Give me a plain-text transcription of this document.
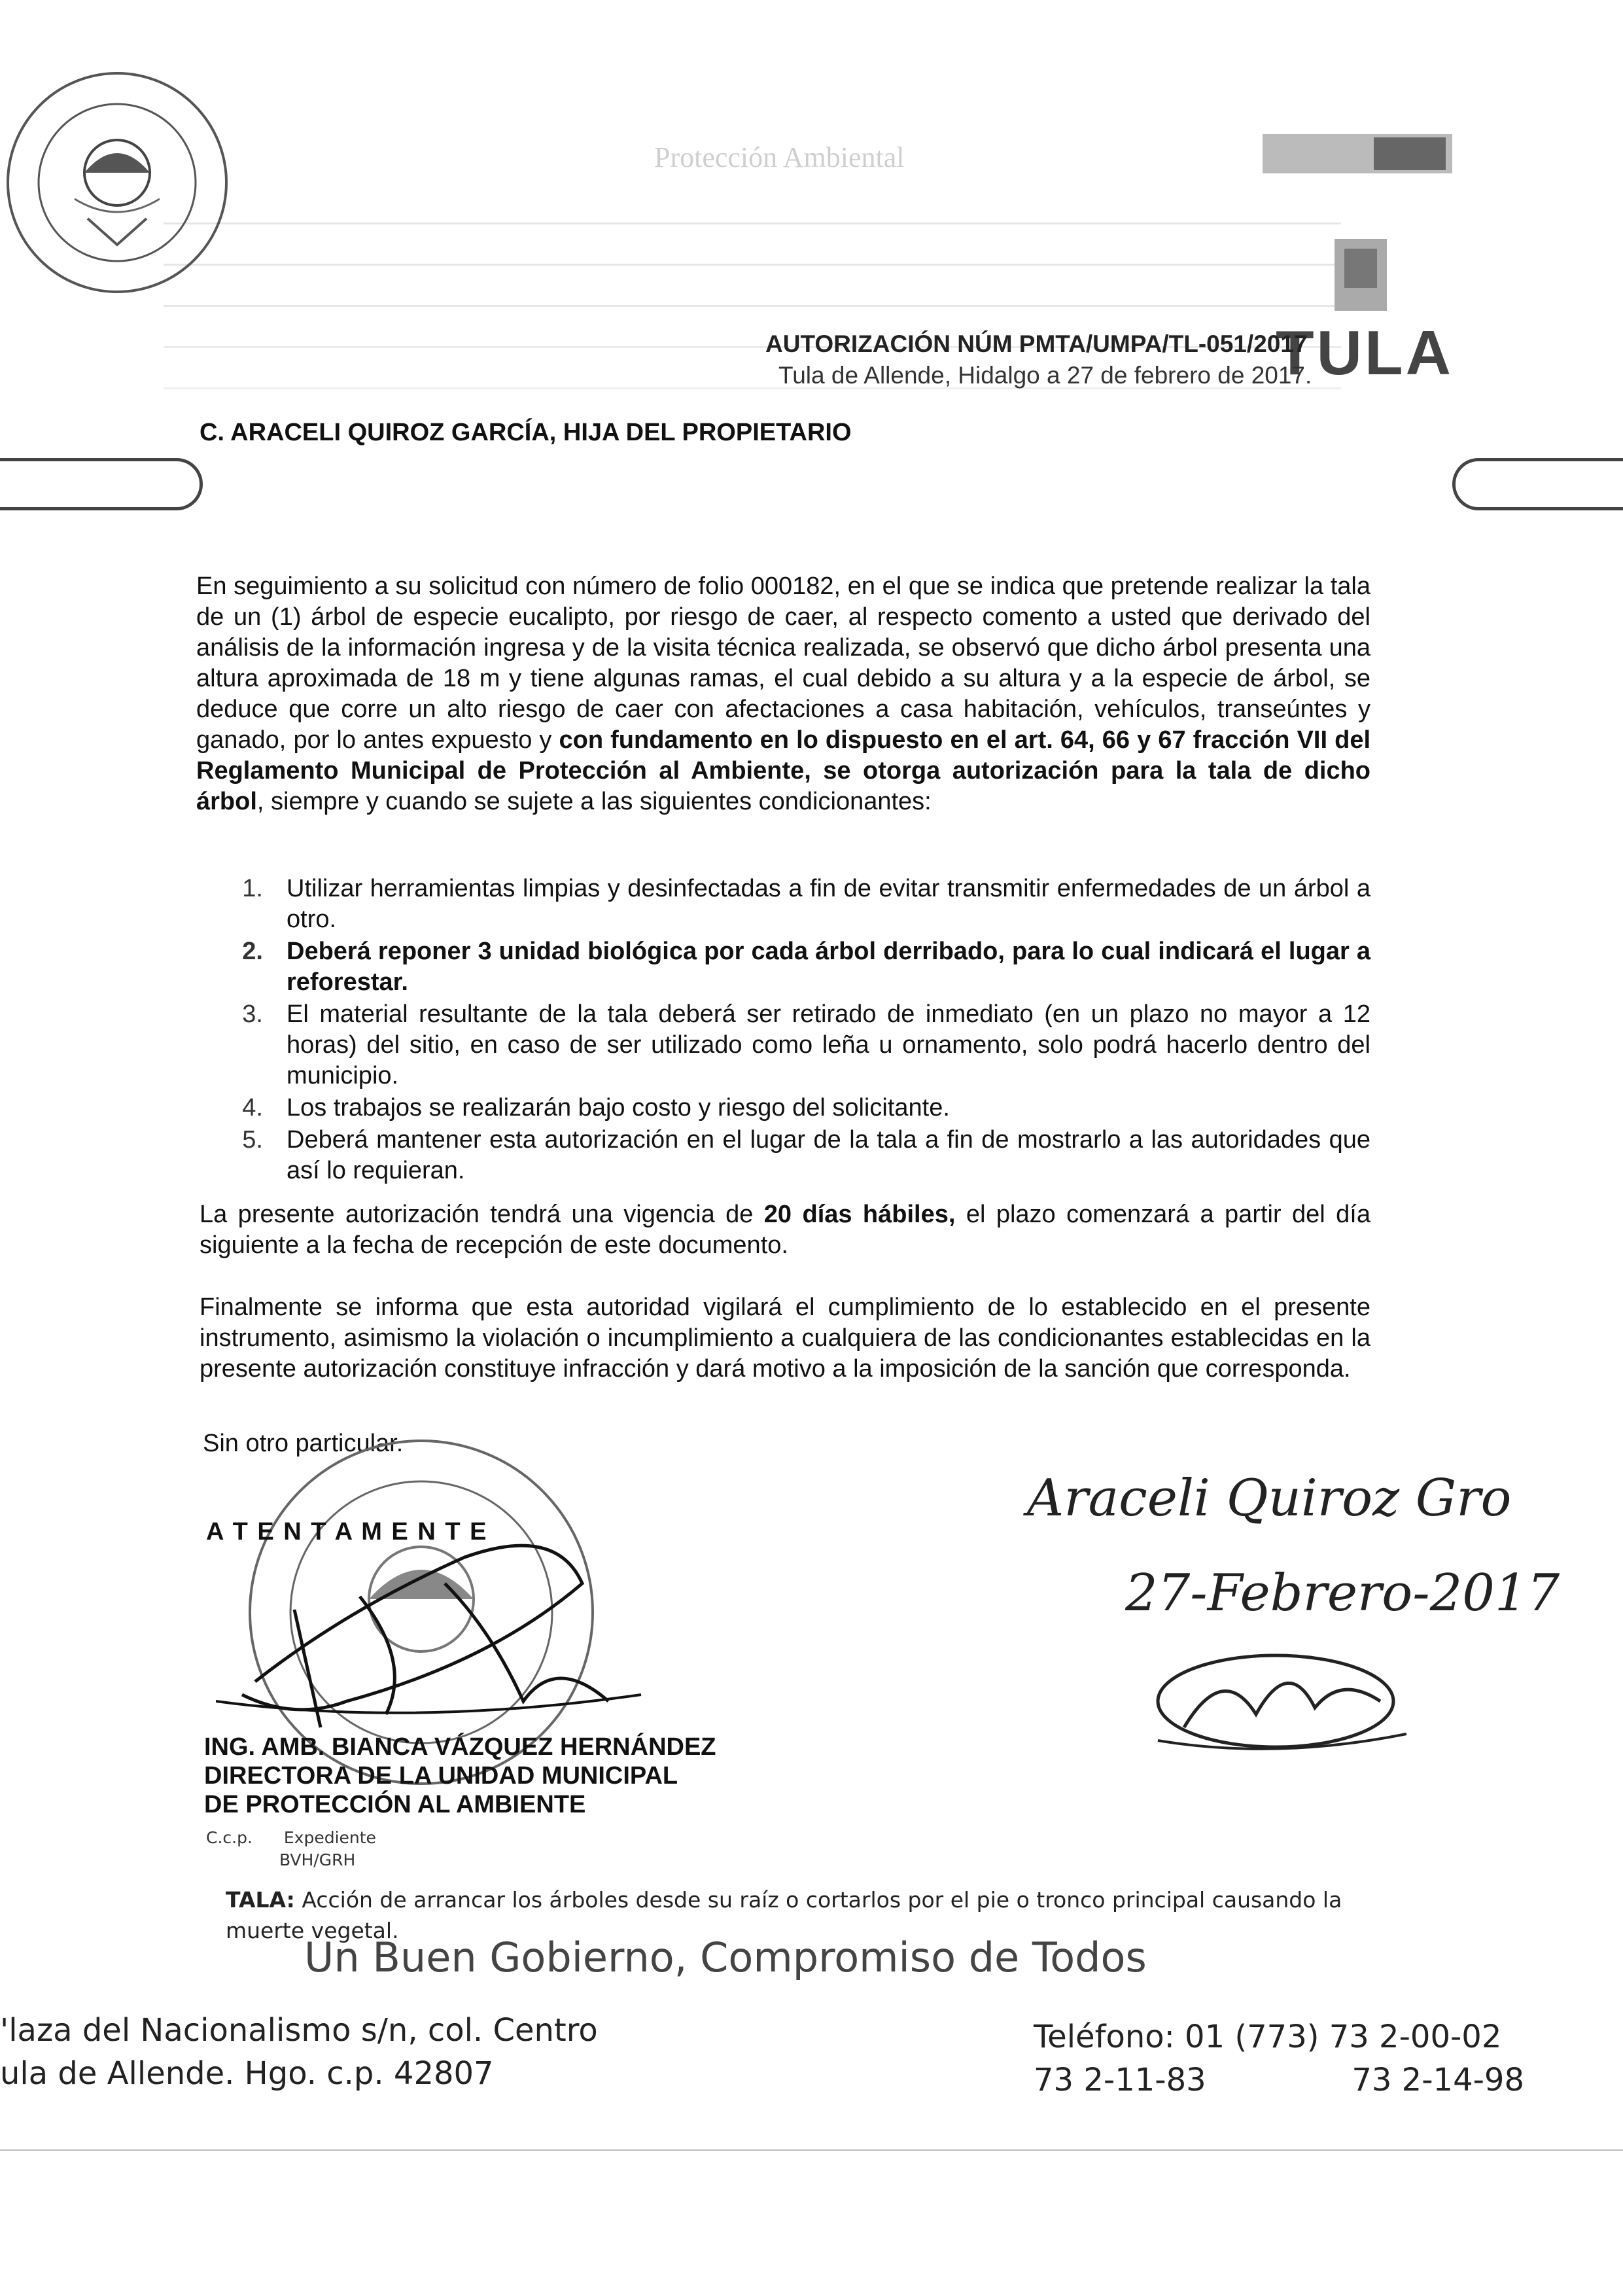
Protección Ambiental
TULA
AUTORIZACIÓN NÚM PMTA/UMPA/TL-051/2017
Tula de Allende, Hidalgo a 27 de febrero de 2017.
C. ARACELI QUIROZ GARCÍA, HIJA DEL PROPIETARIO
En seguimiento a su solicitud con número de folio 000182, en el que se indica que pretende realizar la tala de un (1) árbol de especie eucalipto, por riesgo de caer, al respecto comento a usted que derivado del análisis de la información ingresa y de la visita técnica realizada, se observó que dicho árbol presenta una altura aproximada de 18 m y tiene algunas ramas, el cual debido a su altura y a la especie de árbol, se deduce que corre un alto riesgo de caer con afectaciones a casa habitación, vehículos, transeúntes y ganado, por lo antes expuesto y con fundamento en lo dispuesto en el art. 64, 66 y 67 fracción VII del Reglamento Municipal de Protección al Ambiente, se otorga autorización para la tala de dicho árbol, siempre y cuando se sujete a las siguientes condicionantes:
1. Utilizar herramientas limpias y desinfectadas a fin de evitar transmitir enfermedades de un árbol a otro.
2. Deberá reponer 3 unidad biológica por cada árbol derribado, para lo cual indicará el lugar a reforestar.
3. El material resultante de la tala deberá ser retirado de inmediato (en un plazo no mayor a 12 horas) del sitio, en caso de ser utilizado como leña u ornamento, solo podrá hacerlo dentro del municipio.
4. Los trabajos se realizarán bajo costo y riesgo del solicitante.
5. Deberá mantener esta autorización en el lugar de la tala a fin de mostrarlo a las autoridades que así lo requieran.
La presente autorización tendrá una vigencia de 20 días hábiles, el plazo comenzará a partir del día siguiente a la fecha de recepción de este documento.
Finalmente se informa que esta autoridad vigilará el cumplimiento de lo establecido en el presente instrumento, asimismo la violación o incumplimiento a cualquiera de las condicionantes establecidas en la presente autorización constituye infracción y dará motivo a la imposición de la sanción que corresponda.
Sin otro particular.
A T E N T A M E N T E
ING. AMB. BIANCA VÁZQUEZ HERNÁNDEZ
DIRECTORA DE LA UNIDAD MUNICIPAL
DE PROTECCIÓN AL AMBIENTE
C.c.p. Expediente
BVH/GRH
TALA: Acción de arrancar los árboles desde su raíz o cortarlos por el pie o tronco principal causando la muerte vegetal.
Araceli Quiroz Gro
27-Febrero-2017
Un Buen Gobierno, Compromiso de Todos
'laza del Nacionalismo s/n, col. Centro
ula de Allende. Hgo. c.p. 42807
Teléfono: 01 (773) 73 2-00-02
73 2-11-83	73 2-14-98
